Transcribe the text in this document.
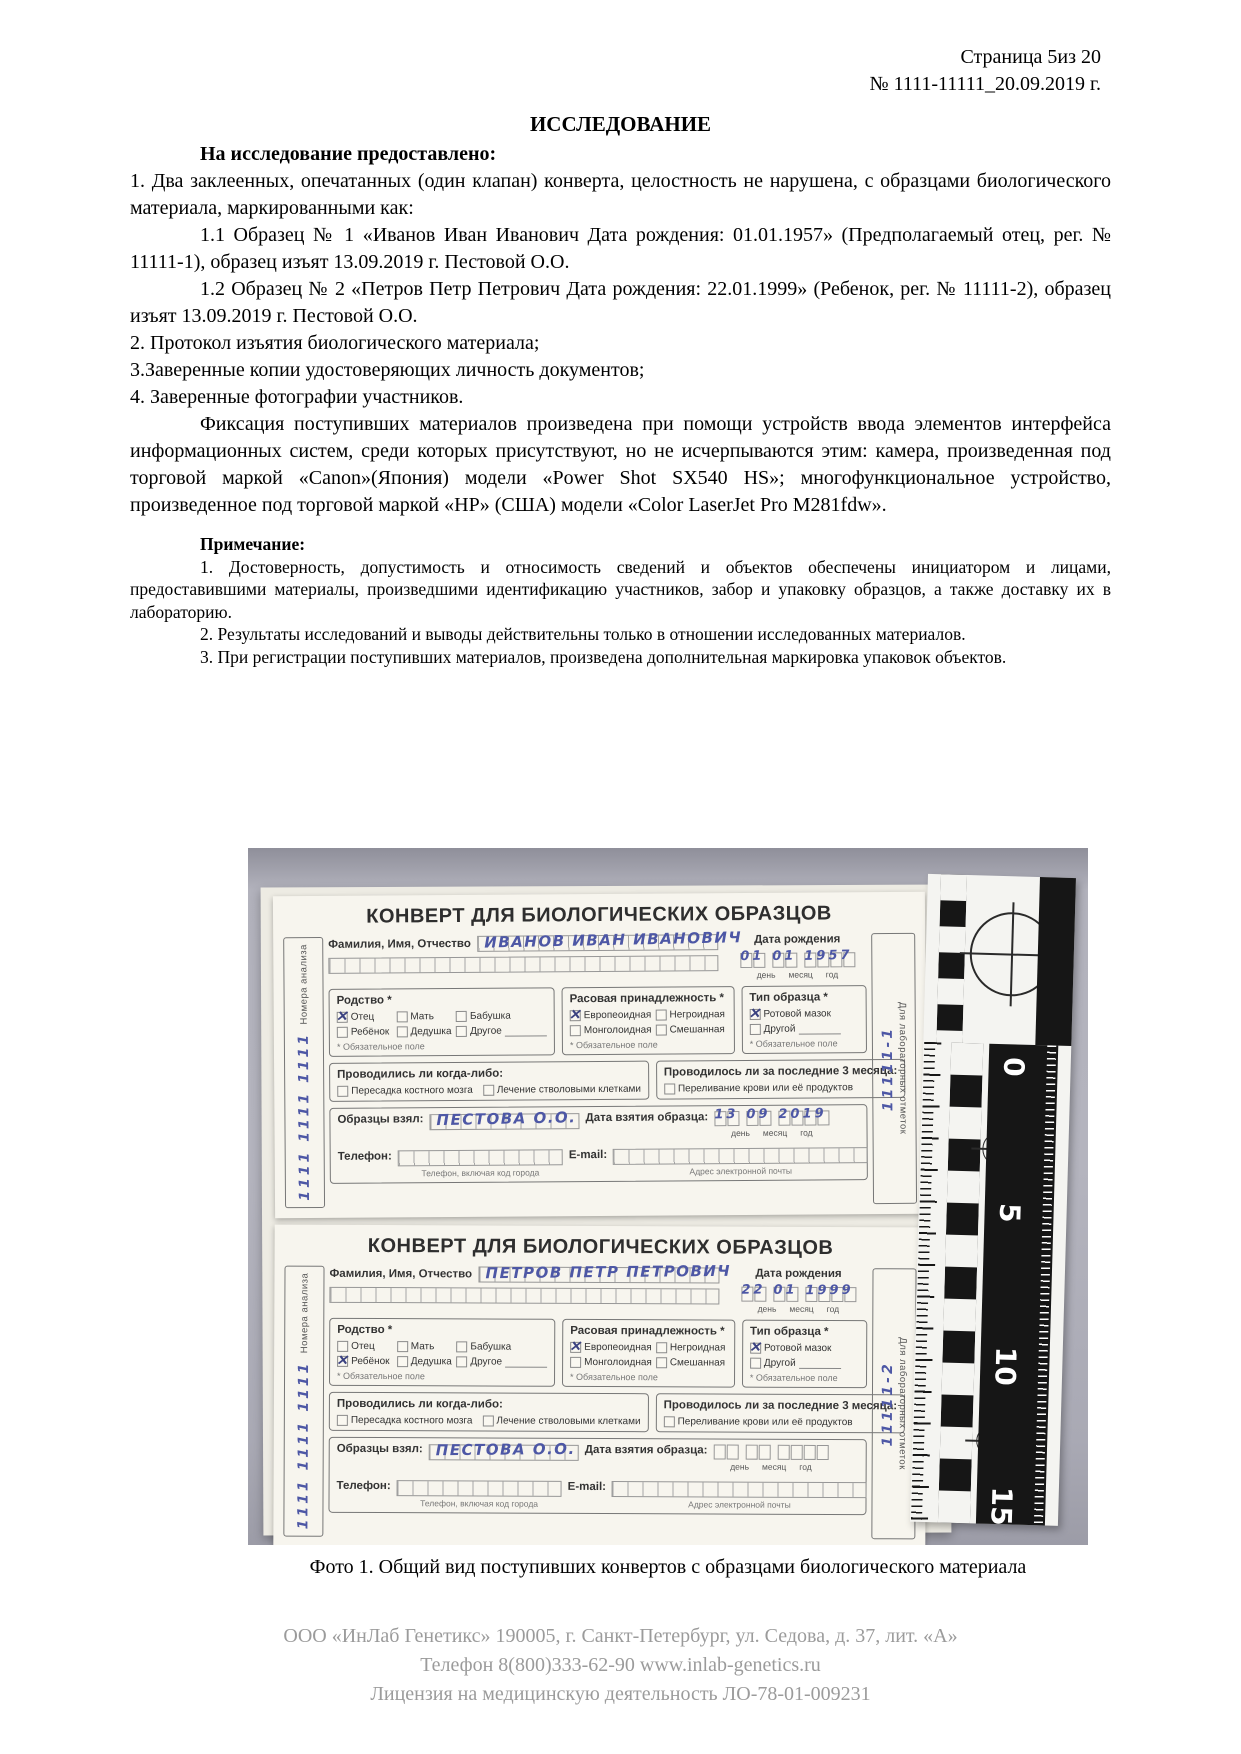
Страница 5из 20
№ 1111-11111_20.09.2019 г.
ИССЛЕДОВАНИЕ

На исследование предоставлено:

1. Два заклеенных, опечатанных (один клапан) конверта, целостность не нарушена, с образцами биологического материала, маркированными как:

1.1 Образец № 1 «Иванов Иван Иванович Дата рождения: 01.01.1957» (Предполагаемый отец, рег. № 11111-1), образец изъят 13.09.2019 г. Пестовой О.О.

1.2 Образец № 2 «Петров Петр Петрович Дата рождения: 22.01.1999» (Ребенок, рег. № 11111-2), образец изъят 13.09.2019 г. Пестовой О.О.

2. Протокол изъятия биологического материала;

3.Заверенные копии удостоверяющих личность документов;

4. Заверенные фотографии участников.

Фиксация поступивших материалов произведена при помощи устройств ввода элементов интерфейса информационных систем, среди которых присутствуют, но не исчерпываются этим: камера, произведенная под торговой маркой «Canon»(Япония) модели «Power Shot SX540 HS»; многофункциональное устройство, произведенное под торговой маркой «HP» (США) модели «Color LaserJet Pro M281fdw».

Примечание:

1. Достоверность, допустимость и относимость сведений и объектов обеспечены инициатором и лицами, предоставившими материалы, произведшими идентификацию участников, забор и упаковку образцов, а также доставку их в лабораторию.

2. Результаты исследований и выводы действительны только в отношении исследованных материалов.

3. При регистрации поступивших материалов, произведена дополнительная маркировка упаковок объектов.

КОНВЕРТ ДЛЯ БИОЛОГИЧЕСКИХ ОБРАЗЦОВ
Номера анализа
1111 1111 1111
Фамилия, Имя, Отчество ИВАНОВ ИВАН ИВАНОВИЧ	Дата рождения
01 01 1957
день месяц год
Родство *
✕
Отец	Мать	Бабушка
Ребёнок Дедушка Другое
* Обязательное поле
Расовая принадлежность *
✕
Европеоидная Негроидная
Монголоидная Смешанная
* Обязательное поле
Тип образца *
✕
Ротовой мазок
Другой
* Обязательное поле
Проводились ли когда-либо:
Пересадка костного мозга Лечение стволовыми клетками
Проводилось ли за последние 3 месяца:
Переливание крови или её продуктов
Образцы взял: ПЕСТОВА О.О. Дата взятия образца: 13 09 2019
день месяц год
Телефон:
Телефон, включая код города
E-mail:
Адрес электронной почты
11111-1 Для лабораторных отметок
КОНВЕРТ ДЛЯ БИОЛОГИЧЕСКИХ ОБРАЗЦОВ
Номера анализа
1111 1111 1111
Фамилия, Имя, Отчество ПЕТРОВ ПЕТР ПЕТРОВИЧ	Дата рождения
22 01 1999
день месяц год
Родство *
Отец	Мать	Бабушка
✕
Ребёнок Дедушка Другое
* Обязательное поле
Расовая принадлежность *
✕
Европеоидная Негроидная
Монголоидная Смешанная
* Обязательное поле
Тип образца *
✕
Ротовой мазок
Другой
* Обязательное поле
Проводились ли когда-либо:
Пересадка костного мозга Лечение стволовыми клетками
Проводилось ли за последние 3 месяца:
Переливание крови или её продуктов
Образцы взял: ПЕСТОВА О.О. Дата взятия образца:
день месяц год
Телефон:
Телефон, включая код города
E-mail:
Адрес электронной почты
11111-2 Для лабораторных отметок
0
5
10
15
Фото 1. Общий вид поступивших конвертов с образцами биологического материала
ООО «ИнЛаб Генетикс» 190005, г. Санкт-Петербург, ул. Седова, д. 37, лит. «А»
Телефон 8(800)333-62-90 www.inlab-genetics.ru
Лицензия на медицинскую деятельность ЛО-78-01-009231
